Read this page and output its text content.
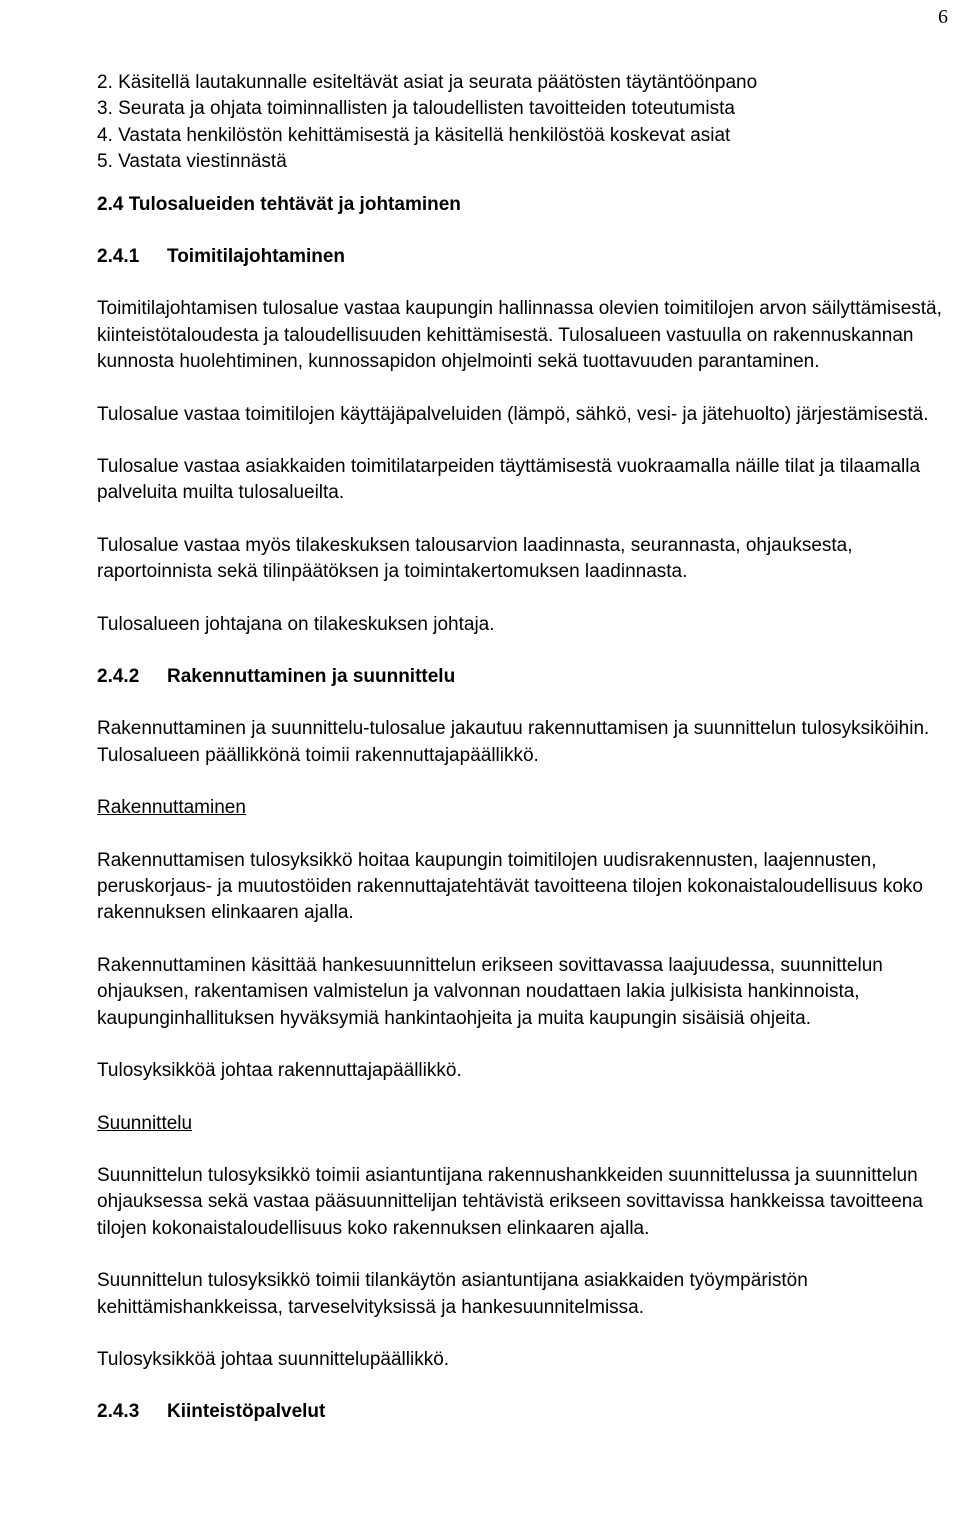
6
2. Käsitellä lautakunnalle esiteltävät asiat ja seurata päätösten täytäntöönpano
3. Seurata ja ohjata toiminnallisten ja taloudellisten tavoitteiden toteutumista
4. Vastata henkilöstön kehittämisestä ja käsitellä henkilöstöä koskevat asiat
5. Vastata viestinnästä
2.4 Tulosalueiden tehtävät ja johtaminen
2.4.1 Toimitilajohtaminen
Toimitilajohtamisen tulosalue vastaa kaupungin hallinnassa olevien toimitilojen arvon säilyttämisestä, kiinteistötaloudesta ja taloudellisuuden kehittämisestä. Tulosalueen vastuulla on rakennuskannan kunnosta huolehtiminen, kunnossapidon ohjelmointi sekä tuottavuuden parantaminen.
Tulosalue vastaa toimitilojen käyttäjäpalveluiden (lämpö, sähkö, vesi- ja jätehuolto) järjestämisestä.
Tulosalue vastaa asiakkaiden toimitilatarpeiden täyttämisestä vuokraamalla näille tilat ja tilaamalla palveluita muilta tulosalueilta.
Tulosalue vastaa myös tilakeskuksen talousarvion laadinnasta, seurannasta, ohjauksesta, raportoinnista sekä tilinpäätöksen ja toimintakertomuksen laadinnasta.
Tulosalueen johtajana on tilakeskuksen johtaja.
2.4.2 Rakennuttaminen ja suunnittelu
Rakennuttaminen ja suunnittelu-tulosalue jakautuu rakennuttamisen ja suunnittelun tulosyksiköihin. Tulosalueen päällikkönä toimii rakennuttajapäällikkö.
Rakennuttaminen
Rakennuttamisen tulosyksikkö hoitaa kaupungin toimitilojen uudisrakennusten, laajennusten, peruskorjaus- ja muutostöiden rakennuttajatehtävät tavoitteena tilojen kokonaistaloudellisuus koko rakennuksen elinkaaren ajalla.
Rakennuttaminen käsittää hankesuunnittelun erikseen sovittavassa laajuudessa, suunnittelun ohjauksen, rakentamisen valmistelun ja valvonnan noudattaen lakia julkisista hankinnoista, kaupunginhallituksen hyväksymiä hankintaohjeita ja muita kaupungin sisäisiä ohjeita.
Tulosyksikköä johtaa rakennuttajapäällikkö.
Suunnittelu
Suunnittelun tulosyksikkö toimii asiantuntijana rakennushankkeiden suunnittelussa ja suunnittelun ohjauksessa sekä vastaa pääsuunnittelijan tehtävistä erikseen sovittavissa hankkeissa tavoitteena tilojen kokonaistaloudellisuus koko rakennuksen elinkaaren ajalla.
Suunnittelun tulosyksikkö toimii tilankäytön asiantuntijana asiakkaiden työympäristön kehittämishankkeissa, tarveselvityksissä ja hankesuunnitelmissa.
Tulosyksikköä johtaa suunnittelupäällikkö.
2.4.3 Kiinteistöpalvelut
